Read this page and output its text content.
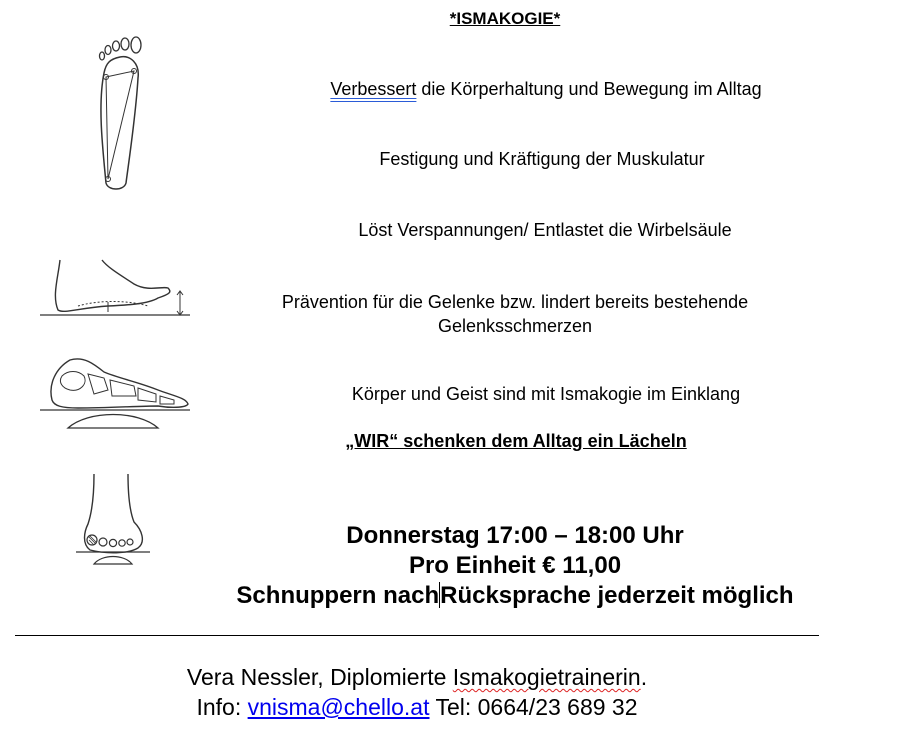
*ISMAKOGIE*
Verbessert die Körperhaltung und Bewegung im Alltag
Festigung und Kräftigung der Muskulatur
Löst Verspannungen/ Entlastet die Wirbelsäule
Prävention für die Gelenke bzw. lindert bereits bestehende Gelenksschmerzen
Körper und Geist sind mit Ismakogie im Einklang
„WIR“ schenken dem Alltag ein Lächeln
Donnerstag 17:00 – 18:00 Uhr
Pro Einheit € 11,00
Schnuppern nachRücksprache jederzeit möglich
Vera Nessler, Diplomierte Ismakogietrainerin.
Info: vnisma@chello.at Tel: 0664/23 689 32
